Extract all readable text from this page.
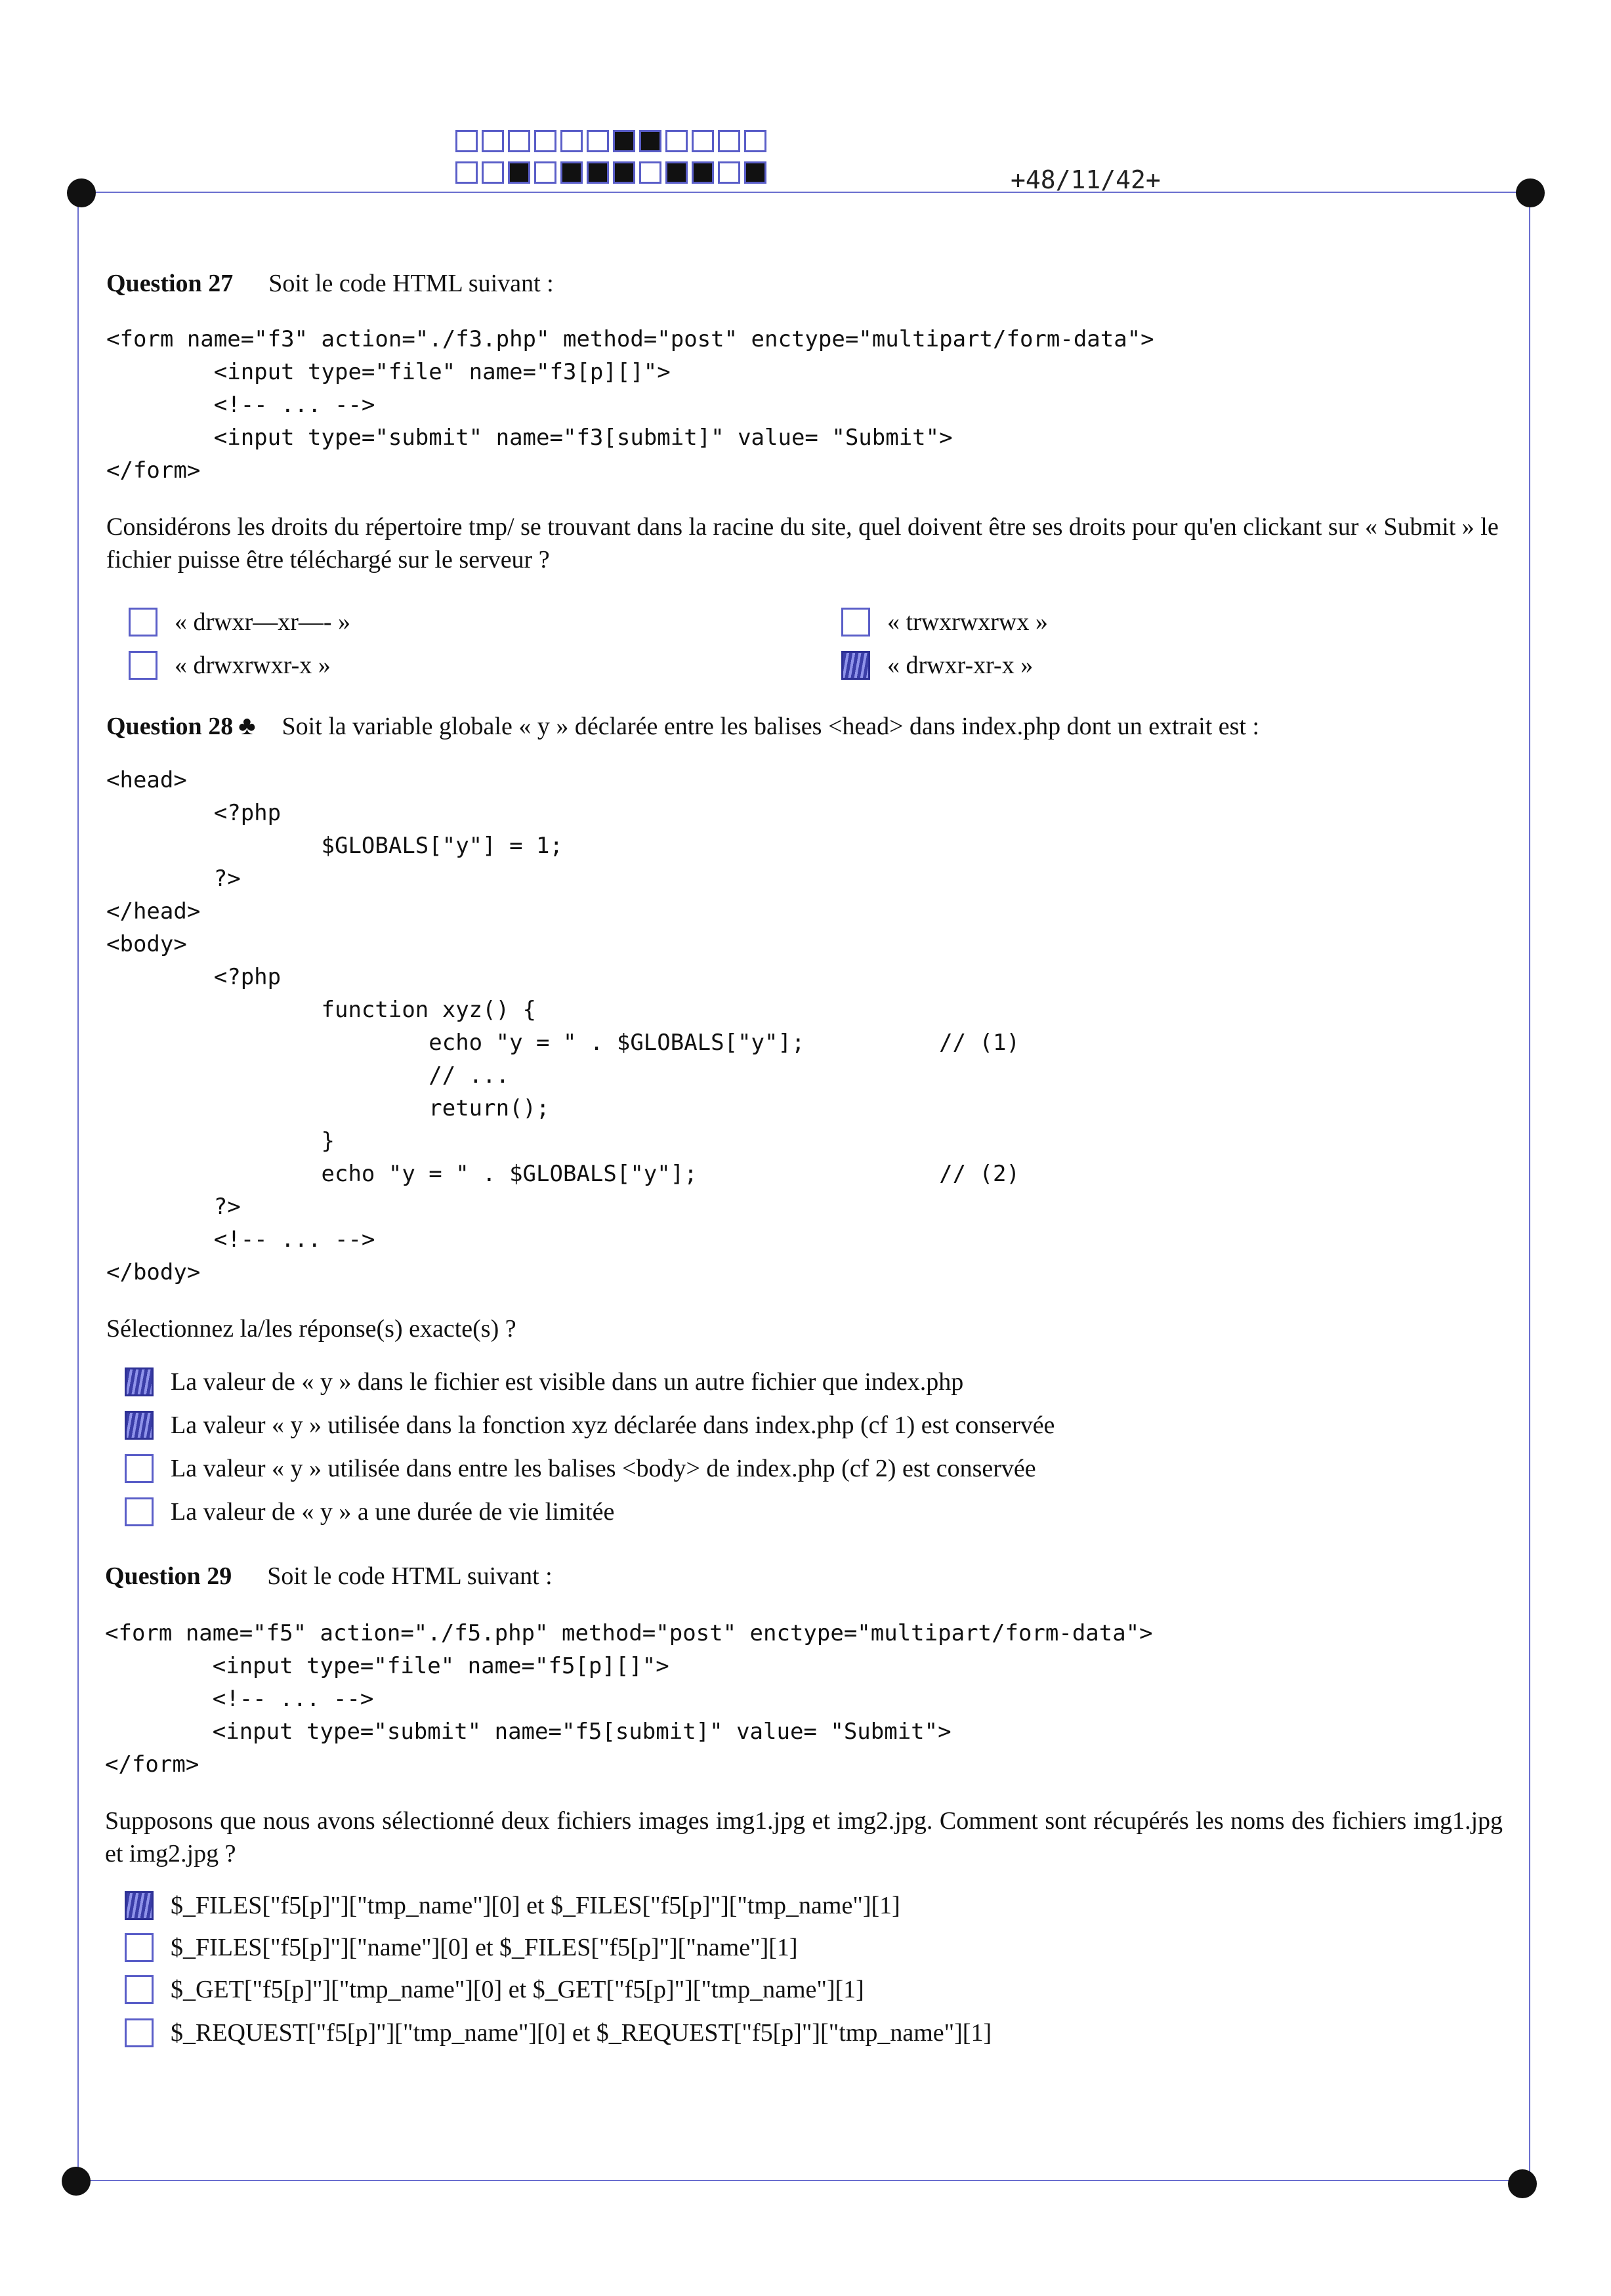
+48/11/42+
Question 27 Soit le code HTML suivant :
<form name="f3" action="./f3.php" method="post" enctype="multipart/form-data">
<input type="file" name="f3[p][]">
<!-- ... -->
<input type="submit" name="f3[submit]" value= "Submit">
</form>
Considérons les droits du répertoire tmp/ se trouvant dans la racine du site, quel doivent être ses droits pour qu'en clickant sur « Submit » le fichier puisse être téléchargé sur le serveur ?
« drwxr—xr—- »	« trwxrwxrwx »
« drwxrwxr-x »	« drwxr-xr-x »
Question 28 ♣ Soit la variable globale « y » déclarée entre les balises <head> dans index.php dont un extrait est :
<head>
<?php
$GLOBALS["y"] = 1;
?>
</head>
<body>
<?php
function xyz() {
echo "y = " . $GLOBALS["y"];          // (1)
// ...
return();
}
echo "y = " . $GLOBALS["y"];                  // (2)
?>
<!-- ... -->
</body>
Sélectionnez la/les réponse(s) exacte(s) ?
La valeur de « y » dans le fichier est visible dans un autre fichier que index.php
La valeur « y » utilisée dans la fonction xyz déclarée dans index.php (cf 1) est conservée
La valeur « y » utilisée dans entre les balises <body> de index.php (cf 2) est conservée
La valeur de « y » a une durée de vie limitée
Question 29 Soit le code HTML suivant :
<form name="f5" action="./f5.php" method="post" enctype="multipart/form-data">
<input type="file" name="f5[p][]">
<!-- ... -->
<input type="submit" name="f5[submit]" value= "Submit">
</form>
Supposons que nous avons sélectionné deux fichiers images img1.jpg et img2.jpg. Comment sont récupérés les noms des fichiers img1.jpg et img2.jpg ?
$_FILES["f5[p]"]["tmp_name"][0] et $_FILES["f5[p]"]["tmp_name"][1]
$_FILES["f5[p]"]["name"][0] et $_FILES["f5[p]"]["name"][1]
$_GET["f5[p]"]["tmp_name"][0] et $_GET["f5[p]"]["tmp_name"][1]
$_REQUEST["f5[p]"]["tmp_name"][0] et $_REQUEST["f5[p]"]["tmp_name"][1]
